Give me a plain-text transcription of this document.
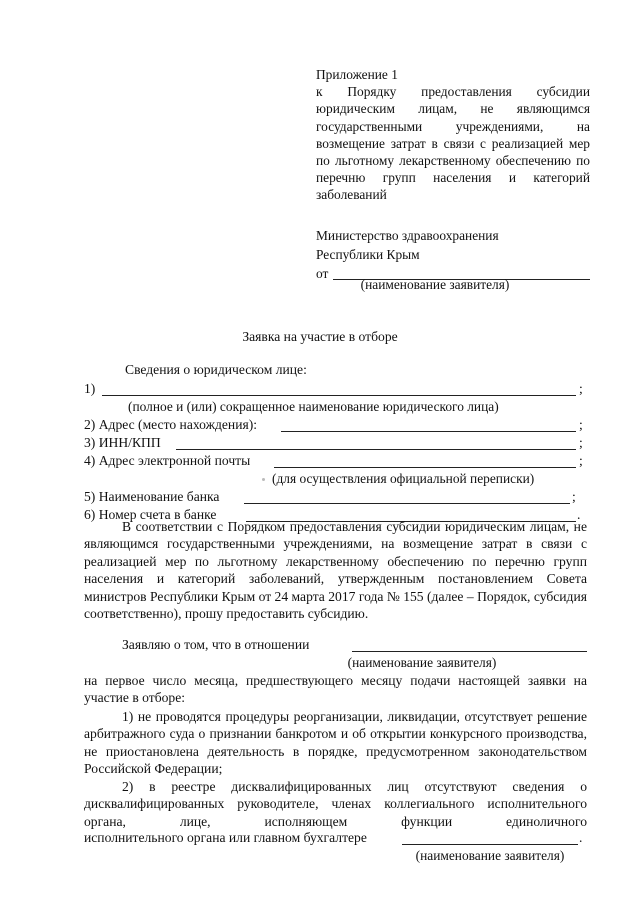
Приложение 1
к Порядку предоставления субсидии юридическим лицам, не являющимся государственными учреждениями, на возмещение затрат в связи с реализацией мер по льготному лекарственному обеспечению по перечню групп населения и категорий заболеваний
Министерство здравоохранения
Республики Крым
от
(наименование заявителя)
Заявка на участие в отборе
Сведения о юридическом лице:
1)	;
(полное и (или) сокращенное наименование юридического лица)
2) Адрес (место нахождения):	;
3) ИНН/КПП	;
4) Адрес электронной почты	;
(для осуществления официальной переписки)
5) Наименование банка	;
6) Номер счета в банке	.
В соответствии с Порядком предоставления субсидии юридическим лицам, не являющимся государственными учреждениями, на возмещение затрат в связи с реализацией мер по льготному лекарственному обеспечению по перечню групп населения и категорий заболеваний, утвержденным постановлением Совета министров Республики Крым от 24 марта 2017 года № 155 (далее – Порядок, субсидия соответственно), прошу предоставить субсидию.
Заявляю о том, что в отношении
(наименование заявителя)
на первое число месяца, предшествующего месяцу подачи настоящей заявки на участие в отборе:
1) не проводятся процедуры реорганизации, ликвидации, отсутствует решение арбитражного суда о признании банкротом и об открытии конкурсного производства, не приостановлена деятельность в порядке, предусмотренном законодательством Российской Федерации;
2) в реестре дисквалифицированных лиц отсутствуют сведения о дисквалифицированных руководителе, членах коллегиального исполнительного органа, лице, исполняющем функции единоличного
исполнительного органа или главном бухгалтере	.
(наименование заявителя)
